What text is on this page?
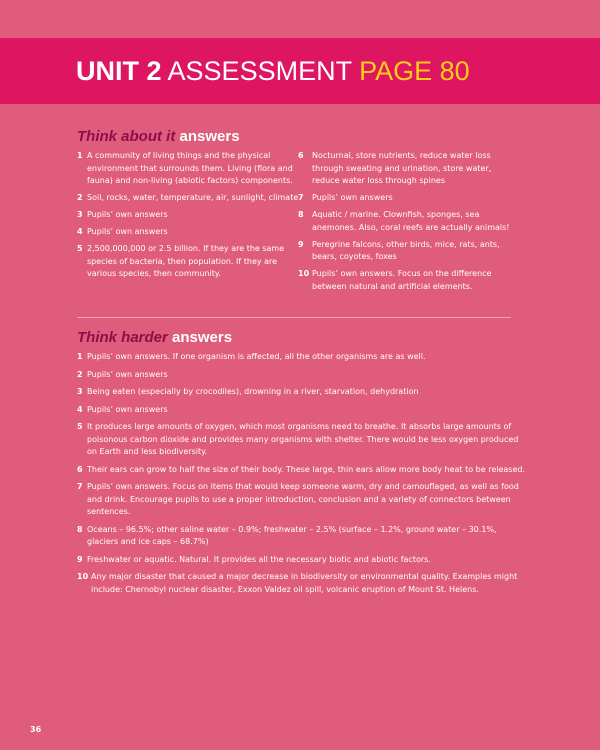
UNIT 2 ASSESSMENT PAGE 80
Think about it answers
1 A community of living things and the physical environment that surrounds them. Living (flora and fauna) and non-living (abiotic factors) components.
2 Soil, rocks, water, temperature, air, sunlight, climate
3 Pupils’ own answers
4 Pupils’ own answers
5 2,500,000,000 or 2.5 billion. If they are the same species of bacteria, then population. If they are various species, then community.
6 Nocturnal, store nutrients, reduce water loss through sweating and urination, store water, reduce water loss through spines
7 Pupils’ own answers
8 Aquatic / marine. Clownfish, sponges, sea anemones. Also, coral reefs are actually animals!
9 Peregrine falcons, other birds, mice, rats, ants, bears, coyotes, foxes
10 Pupils’ own answers. Focus on the difference between natural and artificial elements.
Think harder answers
1 Pupils’ own answers. If one organism is affected, all the other organisms are as well.
2 Pupils’ own answers
3 Being eaten (especially by crocodiles), drowning in a river, starvation, dehydration
4 Pupils’ own answers
5 It produces large amounts of oxygen, which most organisms need to breathe. It absorbs large amounts of poisonous carbon dioxide and provides many organisms with shelter. There would be less oxygen produced on Earth and less biodiversity.
6 Their ears can grow to half the size of their body. These large, thin ears allow more body heat to be released.
7 Pupils’ own answers. Focus on items that would keep someone warm, dry and camouflaged, as well as food and drink. Encourage pupils to use a proper introduction, conclusion and a variety of connectors between sentences.
8 Oceans – 96.5%; other saline water – 0.9%; freshwater – 2.5% (surface – 1.2%, ground water – 30.1%, glaciers and ice caps – 68.7%)
9 Freshwater or aquatic. Natural. It provides all the necessary biotic and abiotic factors.
10 Any major disaster that caused a major decrease in biodiversity or environmental quality. Examples might include: Chernobyl nuclear disaster, Exxon Valdez oil spill, volcanic eruption of Mount St. Helens.
36
